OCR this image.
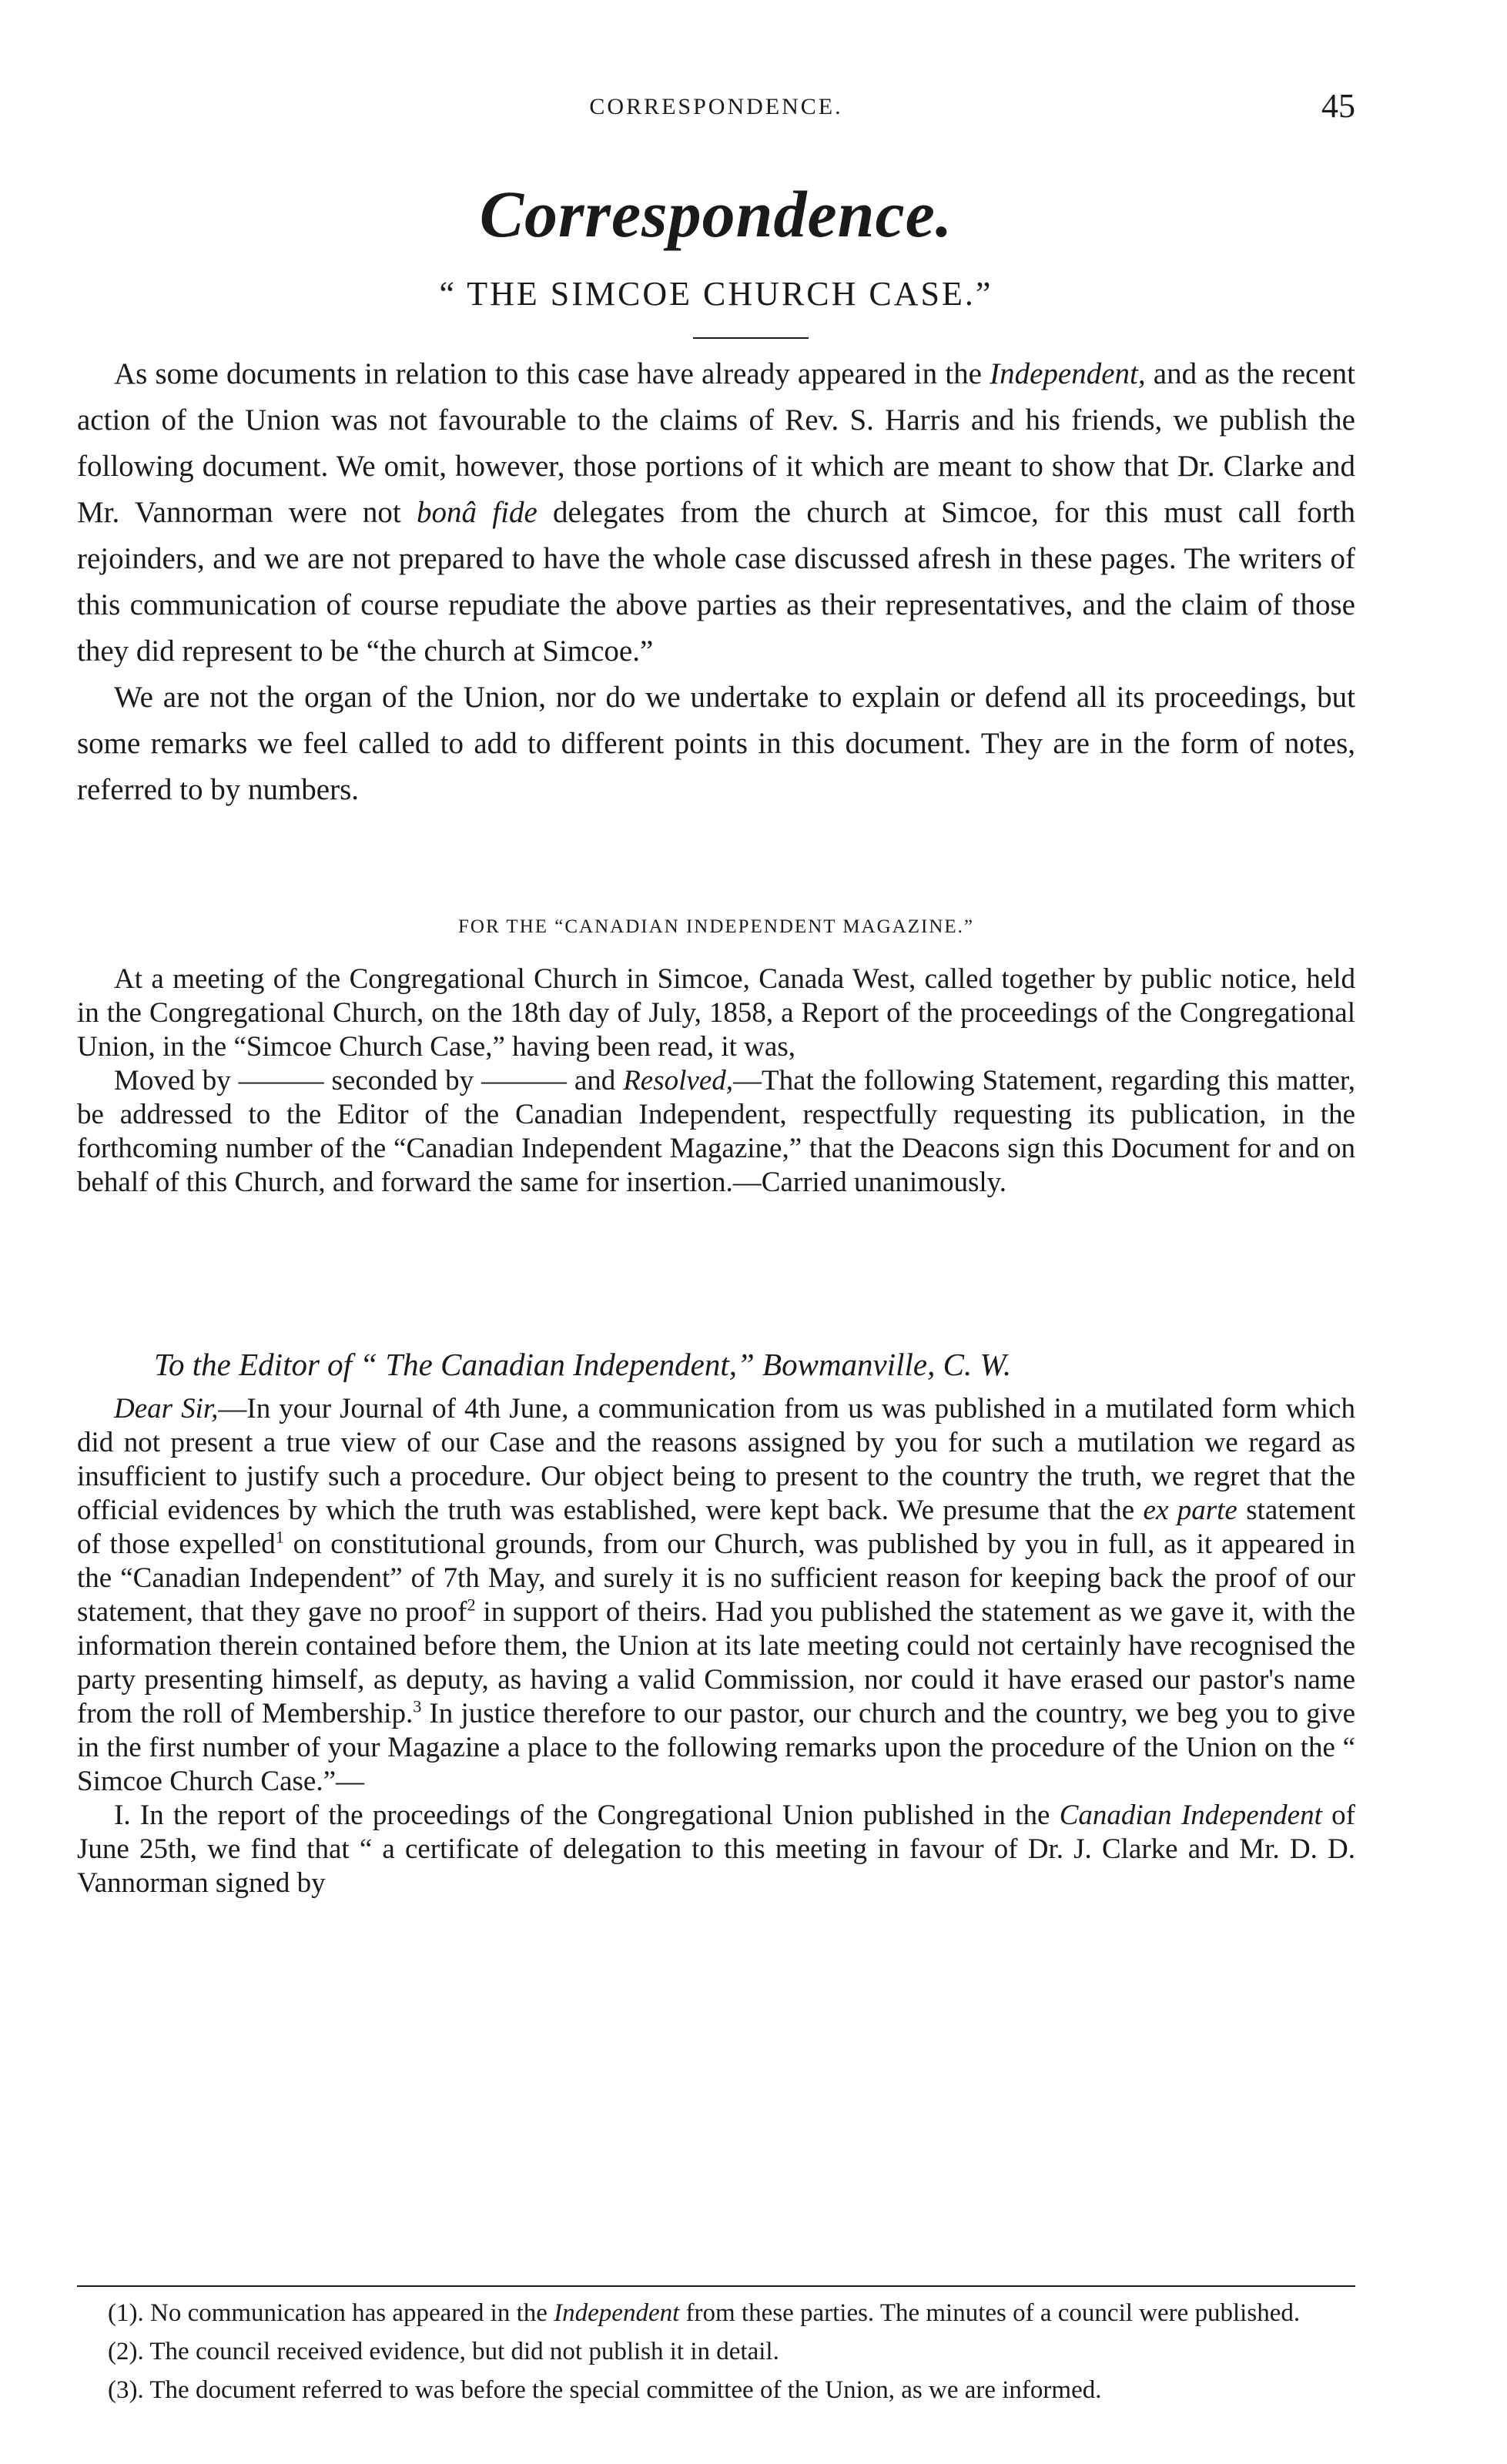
CORRESPONDENCE.	45
Correspondence.
“ THE SIMCOE CHURCH CASE.”

As some documents in relation to this case have already appeared in the Independent, and as the recent action of the Union was not favourable to the claims of Rev. S. Harris and his friends, we publish the following document. We omit, however, those portions of it which are meant to show that Dr. Clarke and Mr. Vannorman were not bonâ fide delegates from the church at Simcoe, for this must call forth rejoinders, and we are not prepared to have the whole case discussed afresh in these pages. The writers of this communication of course repudiate the above parties as their representatives, and the claim of those they did represent to be “the church at Simcoe.”

We are not the organ of the Union, nor do we undertake to explain or defend all its proceedings, but some remarks we feel called to add to different points in this document. They are in the form of notes, referred to by numbers.

FOR THE “CANADIAN INDEPENDENT MAGAZINE.”

At a meeting of the Congregational Church in Simcoe, Canada West, called together by public notice, held in the Congregational Church, on the 18th day of July, 1858, a Report of the proceedings of the Congregational Union, in the “Simcoe Church Case,” having been read, it was,

Moved by ——— seconded by ——— and Resolved,—That the following Statement, regarding this matter, be addressed to the Editor of the Canadian Independent, respectfully requesting its publication, in the forthcoming number of the “Canadian Independent Magazine,” that the Deacons sign this Document for and on behalf of this Church, and forward the same for insertion.—Carried unanimously.

To the Editor of “ The Canadian Independent,” Bowmanville, C. W.

Dear Sir,—In your Journal of 4th June, a communication from us was published in a mutilated form which did not present a true view of our Case and the reasons assigned by you for such a mutilation we regard as insufficient to justify such a procedure. Our object being to present to the country the truth, we regret that the official evidences by which the truth was established, were kept back. We presume that the ex parte statement of those expelled$^1$ on constitutional grounds, from our Church, was published by you in full, as it appeared in the “Canadian Independent” of 7th May, and surely it is no sufficient reason for keeping back the proof of our statement, that they gave no proof$^2$ in support of theirs. Had you published the statement as we gave it, with the information therein contained before them, the Union at its late meeting could not certainly have recognised the party presenting himself, as deputy, as having a valid Commission, nor could it have erased our pastor's name from the roll of Membership.$^3$ In justice therefore to our pastor, our church and the country, we beg you to give in the first number of your Magazine a place to the following remarks upon the procedure of the Union on the “ Simcoe Church Case.”—

I. In the report of the proceedings of the Congregational Union published in the Canadian Independent of June 25th, we find that “ a certificate of delegation to this meeting in favour of Dr. J. Clarke and Mr. D. D. Vannorman signed by

(1). No communication has appeared in the Independent from these parties. The minutes of a council were published.

(2). The council received evidence, but did not publish it in detail.

(3). The document referred to was before the special committee of the Union, as we are informed.
